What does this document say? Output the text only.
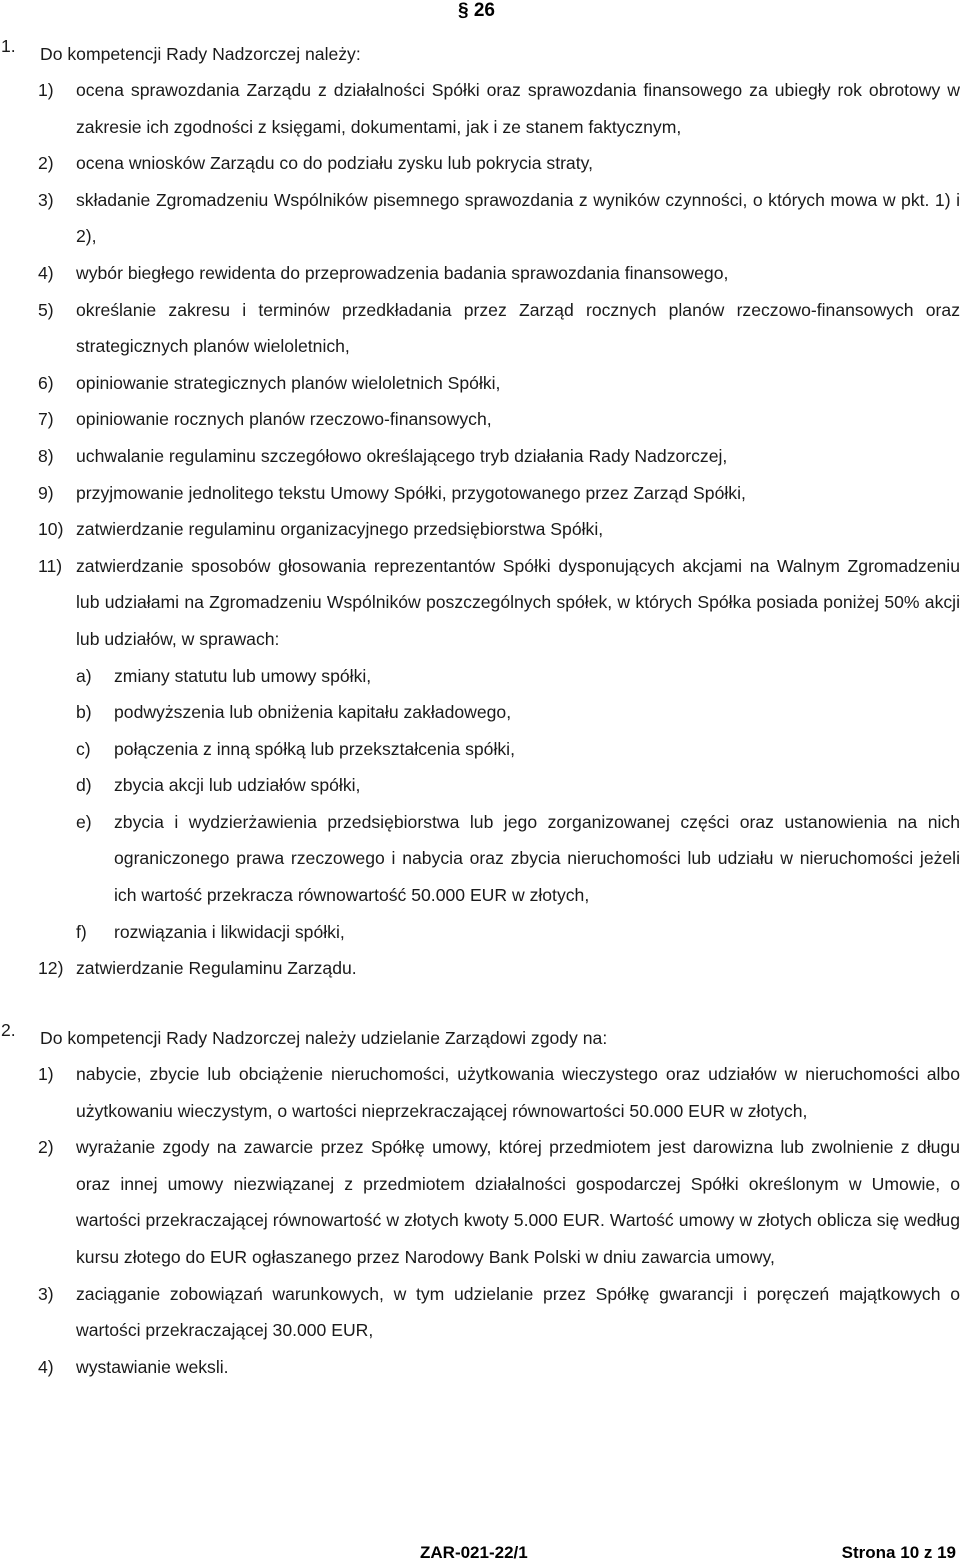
§ 26
1.	Do kompetencji Rady Nadzorczej należy:
1)	ocena sprawozdania Zarządu z działalności Spółki oraz sprawozdania finansowego za ubiegły rok obrotowy w zakresie ich zgodności z księgami, dokumentami, jak i ze stanem faktycznym,
2)	ocena wniosków Zarządu co do podziału zysku lub pokrycia straty,
3)	składanie Zgromadzeniu Wspólników pisemnego sprawozdania z wyników czynności, o których mowa w pkt. 1) i 2),
4)	wybór biegłego rewidenta do przeprowadzenia badania sprawozdania finansowego,
5)	określanie zakresu i terminów przedkładania przez Zarząd rocznych planów rzeczowo-finansowych oraz strategicznych planów wieloletnich,
6)	opiniowanie strategicznych planów wieloletnich Spółki,
7)	opiniowanie rocznych planów rzeczowo-finansowych,
8)	uchwalanie regulaminu szczegółowo określającego tryb działania Rady Nadzorczej,
9)	przyjmowanie jednolitego tekstu Umowy Spółki, przygotowanego przez Zarząd Spółki,
10) zatwierdzanie regulaminu organizacyjnego przedsiębiorstwa Spółki,
11) zatwierdzanie sposobów głosowania reprezentantów Spółki dysponujących akcjami na Walnym Zgromadzeniu lub udziałami na Zgromadzeniu Wspólników poszczególnych spółek, w których Spółka posiada poniżej 50% akcji lub udziałów, w sprawach:
a)	zmiany statutu lub umowy spółki,
b)	podwyższenia lub obniżenia kapitału zakładowego,
c)	połączenia z inną spółką lub przekształcenia spółki,
d)	zbycia akcji lub udziałów spółki,
e)	zbycia i wydzierżawienia przedsiębiorstwa lub jego zorganizowanej części oraz ustanowienia na nich ograniczonego prawa rzeczowego i nabycia oraz zbycia nieruchomości lub udziału w nieruchomości jeżeli ich wartość przekracza równowartość 50.000 EUR w złotych,
f)	rozwiązania i likwidacji spółki,
12) zatwierdzanie Regulaminu Zarządu.
2.	Do kompetencji Rady Nadzorczej należy udzielanie Zarządowi zgody na:
1)	nabycie, zbycie lub obciążenie nieruchomości, użytkowania wieczystego oraz udziałów w nieruchomości albo użytkowaniu wieczystym, o wartości nieprzekraczającej równowartości 50.000 EUR w złotych,
2)	wyrażanie zgody na zawarcie przez Spółkę umowy, której przedmiotem jest darowizna lub zwolnienie z długu oraz innej umowy niezwiązanej z przedmiotem działalności gospodarczej Spółki określonym w Umowie, o wartości przekraczającej równowartość w złotych kwoty 5.000 EUR. Wartość umowy w złotych oblicza się według kursu złotego do EUR ogłaszanego przez Narodowy Bank Polski w dniu zawarcia umowy,
3)	zaciąganie zobowiązań warunkowych, w tym udzielanie przez Spółkę gwarancji i poręczeń majątkowych o wartości przekraczającej 30.000 EUR,
4)	wystawianie weksli.
ZAR-021-22/1	Strona 10 z 19
